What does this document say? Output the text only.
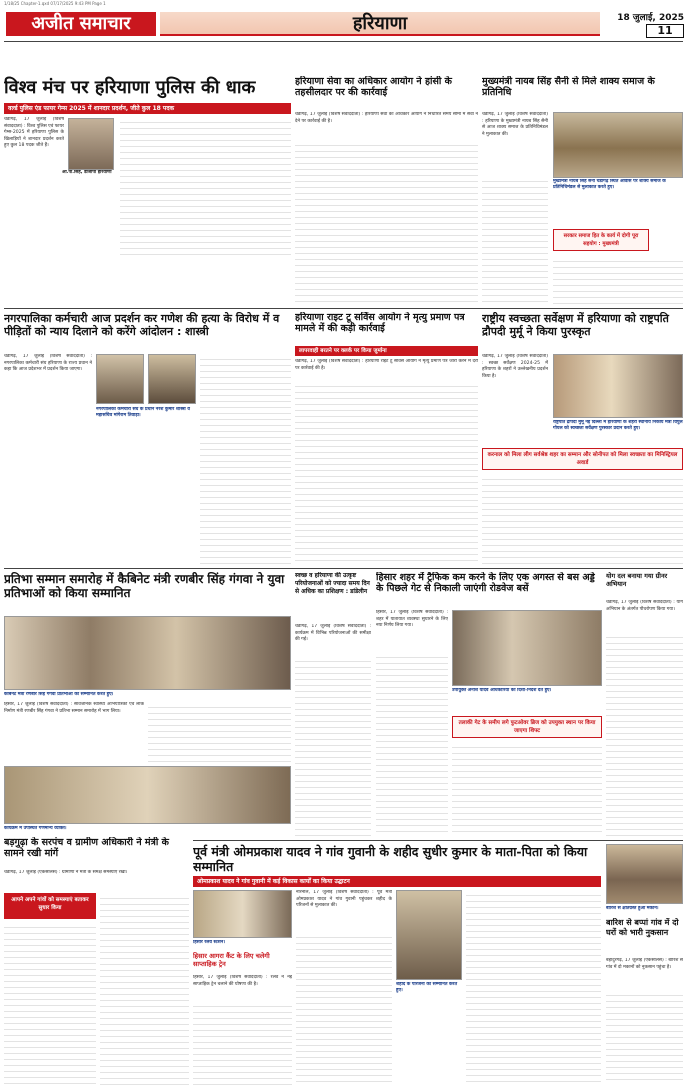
1/18/25 Chapter-1.qxd 07/17/2025 9:43 PM Page 1
अजीत समाचार	हरियाणा	18 जुलाई, 2025
11
विश्व मंच पर हरियाणा पुलिस की धाक
वर्ल्ड पुलिस एंड फायर गेम्स 2025 में शानदार प्रदर्शन, जीते कुल 18 पदक
चंडीगढ़, 17 जुलाई (विशेष संवाददाता) : विश्व पुलिस एवं फायर गेम्स-2025 में हरियाणा पुलिस के खिलाड़ियों ने शानदार प्रदर्शन करते हुए कुल 18 पदक जीते हैं।
ओ.पी.सिंह, डीजीपी हरियाणा
हरियाणा सेवा का अधिकार आयोग ने हांसी के तहसीलदार पर की कार्रवाई
चंडीगढ़, 17 जुलाई (विशेष संवाददाता) : हरियाणा सेवा का अधिकार आयोग ने निर्धारित समय सीमा में सेवा न देने पर कार्रवाई की है।
मुख्यमंत्री नायब सिंह सैनी से मिले शाक्य समाज के प्रतिनिधि
चंडीगढ़, 17 जुलाई (विशेष संवाददाता) : हरियाणा के मुख्यमंत्री नायब सिंह सैनी से आज शाक्य समाज के प्रतिनिधिमंडल ने मुलाकात की।
मुख्यमंत्री नायब सिंह सैनी चंडीगढ़ स्थित आवास पर शाक्य समाज के प्रतिनिधिमंडल से मुलाकात करते हुए।
सरकार समाज हित के कार्य में दोगी पूरा सहयोग : मुख्यमंत्री
नगरपालिका कर्मचारी आज प्रदर्शन कर गणेश की हत्या के विरोध में व पीड़ितों को न्याय दिलाने को करेंगे आंदोलन : शास्त्री
चंडीगढ़, 17 जुलाई (विशेष संवाददाता) : नगरपालिका कर्मचारी संघ हरियाणा के राज्य प्रधान ने कहा कि आज प्रदेशभर में प्रदर्शन किया जाएगा।
नगरपालिका कर्मचारी संघ के प्रधान नरेश कुमार शास्त्री व महासचिव मांगेराम तिवाड़ा।
हरियाणा राइट टू सर्विस आयोग ने मृत्यु प्रमाण पत्र मामले में की कड़ी कार्रवाई
लापरवाही बरतने पर क्लर्क पर किया जुर्माना
चंडीगढ़, 17 जुलाई (विशेष संवाददाता) : हरियाणा राइट टू सर्विस आयोग ने मृत्यु प्रमाण पत्र जारी करने में देरी पर कार्रवाई की है।
राष्ट्रीय स्वच्छता सर्वेक्षण में हरियाणा को राष्ट्रपति द्रौपदी मुर्मू ने किया पुरस्कृत
चंडीगढ़, 17 जुलाई (विशेष संवाददाता) : स्वच्छ सर्वेक्षण 2024-25 में हरियाणा के शहरों ने उल्लेखनीय प्रदर्शन किया है।
राष्ट्रपति द्रौपदी मुर्मू नई दिल्ली में हरियाणा के शहरी स्थानीय निकाय मंत्री विपुल गोयल को स्वच्छता सर्वेक्षण पुरस्कार प्रदान करते हुए।
करनाल को मिला लीग सर्वश्रेष्ठ शहर का सम्मान और सोनीपत को मिला स्वच्छता का मिनिस्ट्रियल अवार्ड
प्रतिभा सम्मान समारोह में कैबिनेट मंत्री रणबीर सिंह गंगवा ने युवा प्रतिभाओं को किया सम्मानित
कैबिनेट मंत्री रणबीर सिंह गंगवा प्रतिभाओं को सम्मानित करते हुए।
हिसार, 17 जुलाई (विशेष संवाददाता) : सार्वजनिक स्वास्थ्य अभियांत्रिकी एवं लोक निर्माण मंत्री रणबीर सिंह गंगवा ने प्रतिभा सम्मान समारोह में भाग लिया।
कार्यक्रम में उपस्थित गणमान्य व्यक्ति।
बड़गुढ़ा के सरपंच व ग्रामीण अधिकारी ने मंत्री के सामने रखी मांगें
चंडीगढ़, 17 जुलाई (एकसीलेंस) : ग्रामीणों ने मंत्री के समक्ष समस्याएं रखीं।
आपने अपने गांवों को समस्याएं बताकर सुधार किया
स्वच्छ व हरियाणा की उत्कृष्ट परियोजनाओं को ज्यादा समय दिन से अधिक का प्रशिक्षण : डांडेलीन
चंडीगढ़, 17 जुलाई (विशेष संवाददाता) : कार्यक्रम में विभिन्न परियोजनाओं की समीक्षा की गई।
हिसार शहर में ट्रैफिक कम करने के लिए एक अगस्त से बस अड्डे के पिछले गेट से निकाली जाएंगी रोडवेज बसें
हिसार, 17 जुलाई (विशेष संवाददाता) : शहर में यातायात व्यवस्था सुधारने के लिए नया निर्णय लिया गया।
उपायुक्त अनीश यादव अधिकारियों को दिशा-निर्देश देते हुए।
तलाकी गेट के समीप लगे फुटओवर ब्रिज को उपयुक्त स्थान पर किया जाएगा शिफ्ट
योग दल बनाया गया ग्रीनर अभियान
चंडीगढ़, 17 जुलाई (विशेष संवाददाता) : योग अभियान के अंतर्गत पौधरोपण किया गया।
पूर्व मंत्री ओमप्रकाश यादव ने गांव गुवानी के शहीद सुधीर कुमार के माता-पिता को किया सम्मानित
ओमप्रकाश यादव ने गांव गुवानी में कई विकास कार्यों का किया उद्घाटन
नारनौल, 17 जुलाई (विशेष संवाददाता) : पूर्व मंत्री ओमप्रकाश यादव ने गांव गुवानी पहुंचकर शहीद के परिजनों से मुलाकात की।
शहीद के परिजनों को सम्मानित करते हुए।
हिसार रेलवे स्टेशन।
हिसार आगरा कैंट के लिए चलेगी साप्ताहिक ट्रेन
हिसार, 17 जुलाई (विशेष संवाददाता) : रेलवे ने नई साप्ताहिक ट्रेन चलाने की घोषणा की है।
बारिश से क्षतिग्रस्त हुआ मकान।
बारिश से बप्पां गांव में दो घरों को भारी नुकसान
बहादुरगढ़, 17 जुलाई (एकसीलेंस) : बारिश से गांव में दो मकानों को नुकसान पहुंचा है।
